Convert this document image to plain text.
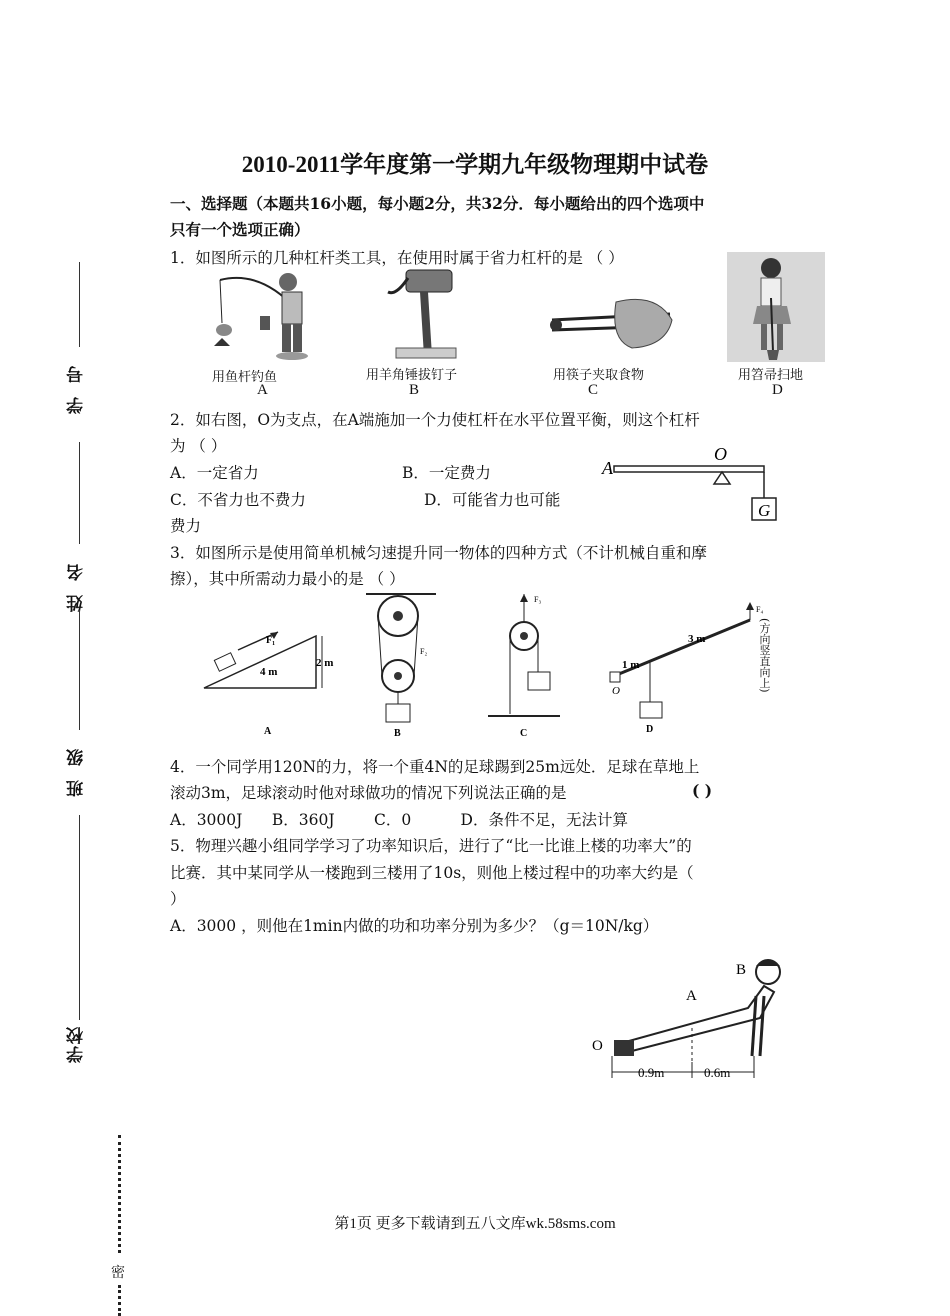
学号
姓名
班级
学校
密
2010-2011学年度第一学期九年级物理期中试卷
一、选择题（本题共16小题，每小题2分，共32分．每小题给出的四个选项中
只有一个选项正确）
1．如图所示的几种杠杆类工具，在使用时属于省力杠杆的是 （ ）
用鱼杆钓鱼
A
用羊角锤拔钉子
B
用筷子夹取食物
C
用笤帚扫地
D
2．如右图，O为支点，在A端施加一个力使杠杆在水平位置平衡，则这个杠杆
为 （ ）
A．一定省力	B．一定费力
C．不省力也不费力	D．可能省力也可能
费力
A
O
G
3．如图所示是使用简单机械匀速提升同一物体的四种方式（不计机械自重和摩
擦），其中所需动力最小的是 （ ）
F₁
4 m
2 m
A
F₂
B
F₃
C
3 m
1 m
O
F₄
D
(方向竖直向上)
4．一个同学用120N的力，将一个重4N的足球踢到25m远处．足球在草地上
滚动3m，足球滚动时他对球做功的情况下列说法正确的是	( )
A．3000J      B．360J        C．0          D．条件不足，无法计算
5．物理兴趣小组同学学习了功率知识后，进行了“比一比谁上楼的功率大”的
比赛．其中某同学从一楼跑到三楼用了10s，则他上楼过程中的功率大约是（
）
A．3000 ，则他在1min内做的功和功率分别为多少？（g＝10N/kg）
B
A
O
0.9m	0.6m
第1页 更多下载请到五八文库wk.58sms.com
